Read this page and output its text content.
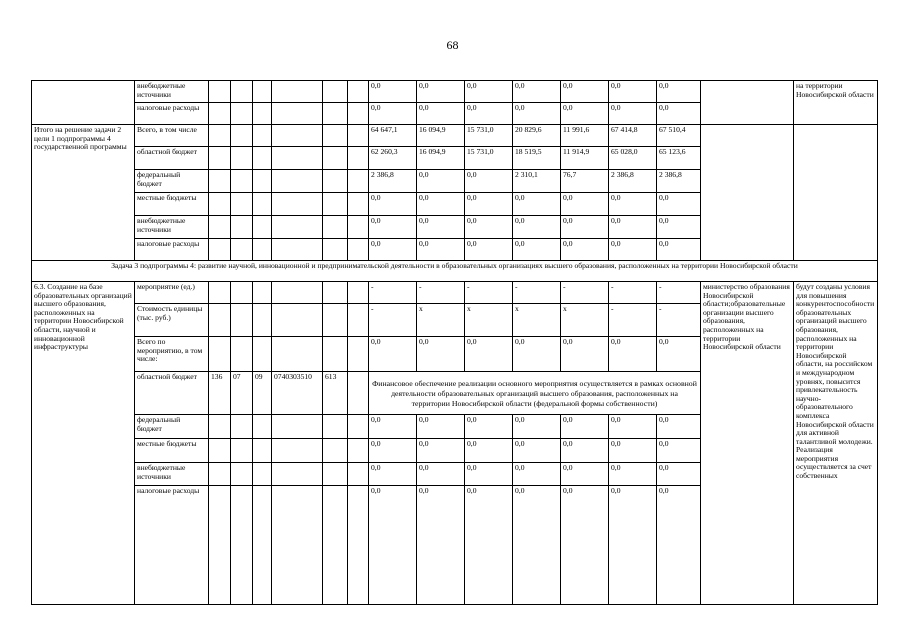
68
	внебюджетные источники							0,0	0,0	0,0	0,0	0,0	0,0	0,0		на территории Новосибирской области
	налоговые расходы							0,0	0,0	0,0	0,0	0,0	0,0	0,0		
Итого на решение задачи 2 цели 1 подпрограммы 4 государственной программы	Всего, в том числе							64 647,1	16 094,9	15 731,0	20 829,6	11 991,6	67 414,8	67 510,4		
	областной бюджет							62 260,3	16 094,9	15 731,0	18 519,5	11 914,9	65 028,0	65 123,6		
	федеральный бюджет							2 386,8	0,0	0,0	2 310,1	76,7	2 386,8	2 386,8		
	местные бюджеты							0,0	0,0	0,0	0,0	0,0	0,0	0,0		
	внебюджетные источники							0,0	0,0	0,0	0,0	0,0	0,0	0,0		
	налоговые расходы							0,0	0,0	0,0	0,0	0,0	0,0	0,0		
Задача 3 подпрограммы 4: развитие научной, инновационной и предпринимательской деятельности в образовательных организациях высшего образования, расположенных на территории Новосибирской области																
6.3. Создание на базе образовательных организаций высшего образования, расположенных на территории Новосибирской области, научной и инновационной инфраструктуры	мероприятие (ед.)							-	-	-	-	-	-	-	министерство образования Новосибирской области;образовательные организации высшего образования, расположенных на территории Новосибирской области	будут созданы условия для повышения конкурентоспособности образовательных организаций высшего образования, расположенных на территории Новосибирской области, на российском и международном уровнях, повысится привлекательность научно-образовательного комплекса Новосибирской области для активной талантливой молодежи. Реализация мероприятия осуществляется за счет собственных
	Стоимость единицы (тыс. руб.)							-	x	x	x	x	-	-		
	Всего по мероприятию, в том числе:							0,0	0,0	0,0	0,0	0,0	0,0	0,0		
	областной бюджет	136	07	09	0740303510	613		Финансовое обеспечение реализации основного мероприятия осуществляется в рамках основной деятельности образовательных организаций высшего образования, расположенных на территории Новосибирской области (федеральной формы собственности)								
	федеральный бюджет							0,0	0,0	0,0	0,0	0,0	0,0	0,0		
	местные бюджеты							0,0	0,0	0,0	0,0	0,0	0,0	0,0		
	внебюджетные источники							0,0	0,0	0,0	0,0	0,0	0,0	0,0		
	налоговые расходы							0,0	0,0	0,0	0,0	0,0	0,0	0,0		
